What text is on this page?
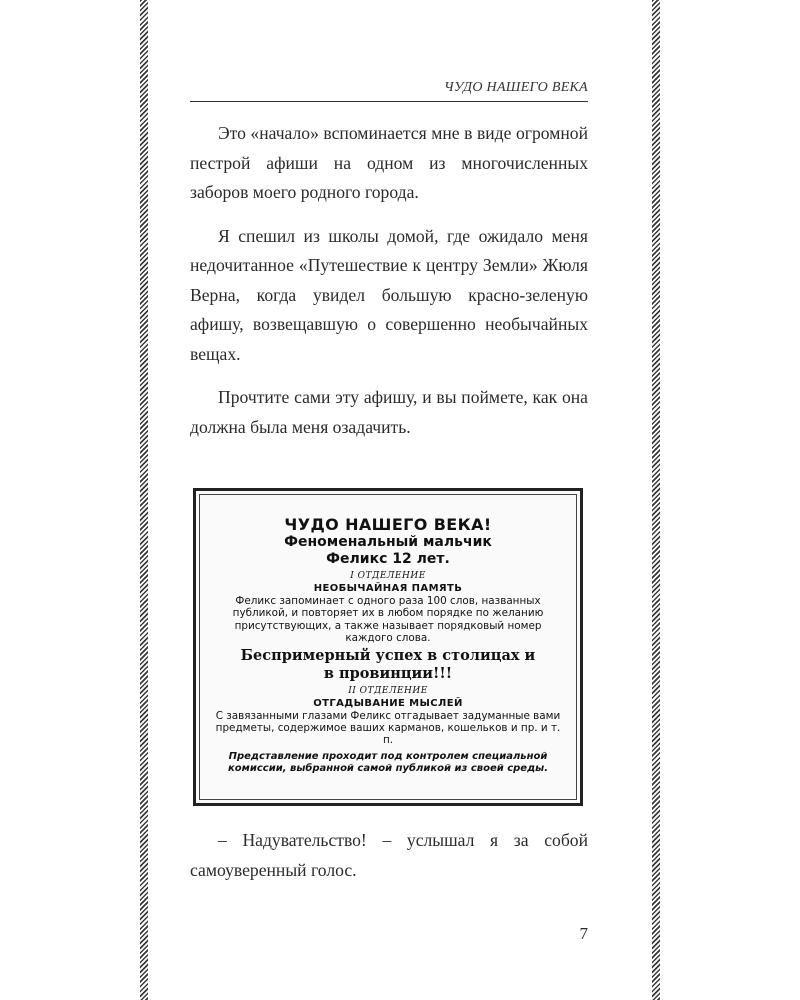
ЧУДО НАШЕГО ВЕКА

Это «начало» вспоминается мне в виде огромной пестрой афиши на одном из многочисленных заборов моего родного города.

Я спешил из школы домой, где ожидало меня недочитанное «Путешествие к центру Земли» Жюля Верна, когда увидел большую красно-зеленую афишу, возвещавшую о совершенно необычайных вещах.

Прочтите сами эту афишу, и вы поймете, как она должна была меня озадачить.

ЧУДО НАШЕГО ВЕКА!
Феноменальный мальчик
Феликс 12 лет.
I ОТДЕЛЕНИЕ
НЕОБЫЧАЙНАЯ ПАМЯТЬ
Феликс запоминает с одного раза 100 слов, названных публикой, и повторяет их в любом порядке по желанию присутствующих, а также называет порядковый номер каждого слова.
Беспримерный успех в столицах и
в провинции!!!
II ОТДЕЛЕНИЕ
ОТГАДЫВАНИЕ МЫСЛЕЙ
С завязанными глазами Феликс отгадывает задуманные вами предметы, содержимое ваших карманов, кошельков и пр. и т. п.
Представление проходит под контролем специальной комиссии, выбранной самой публикой из своей среды.

– Надувательство! – услышал я за собой самоуверенный голос.

7
